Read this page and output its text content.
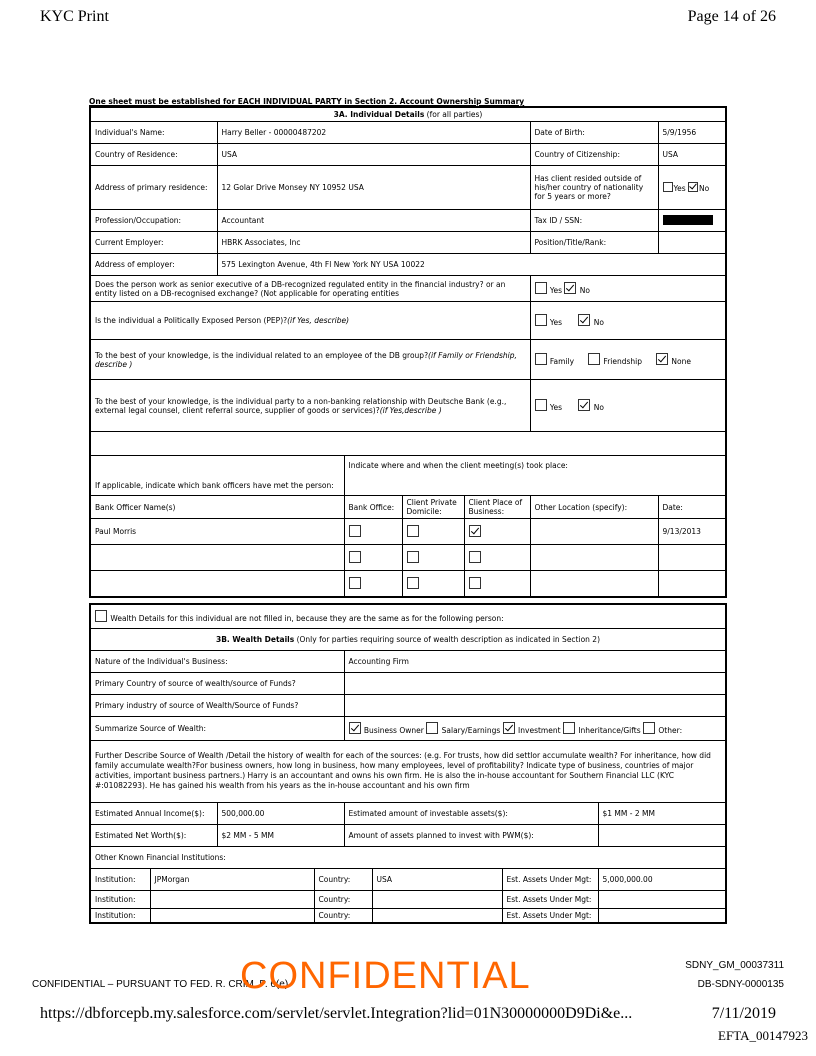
KYC Print	Page 14 of 26
One sheet must be established for EACH INDIVIDUAL PARTY in Section 2. Account Ownership Summary
3A. Individual Details (for all parties)						
Individual's Name:	Harry Beller - 00000487202				Date of Birth:	5/9/1956
Country of Residence:	USA				Country of Citizenship:	USA
Address of primary residence:	12 Golar Drive Monsey NY 10952 USA				Has client resided outside of his/her country of nationality for 5 years or more?	Yes No
Profession/Occupation:	Accountant				Tax ID / SSN:	
Current Employer:	HBRK Associates, Inc				Position/Title/Rank:	
Address of employer:	575 Lexington Avenue, 4th Fl New York NY USA 10022					
Does the person work as senior executive of a DB-recognized regulated entity in the financial industry? or an entity listed on a DB-recognised exchange? (Not applicable for operating entities					Yes No	
Is the individual a Politically Exposed Person (PEP)?(if Yes, describe)					Yes No	
To the best of your knowledge, is the individual related to an employee of the DB group?(if Family or Friendship, describe )					Family Friendship None	
To the best of your knowledge, is the individual party to a non-banking relationship with Deutsche Bank (e.g., external legal counsel, client referral source, supplier of goods or services)?(if Yes,describe )					Yes No	

If applicable, indicate which bank officers have met the person:		Indicate where and when the client meeting(s) took place:				
Bank Officer Name(s)		Bank Office:	Client Private Domicile:	Client Place of Business:	Other Location (specify):	Date:
Paul Morris						9/13/2013

Wealth Details for this individual are not filled in, because they are the same as for the following person:							
3B. Wealth Details (Only for parties requiring source of wealth description as indicated in Section 2)							
Nature of the Individual's Business:				Accounting Firm			
Primary Country of source of wealth/source of Funds?							
Primary industry of source of Wealth/Source of Funds?							
Summarize Source of Wealth:				Business Owner Salary/Earnings Investment Inheritance/Gifts Other:			
Further Describe Source of Wealth /Detail the history of wealth for each of the sources: (e.g. For trusts, how did settlor accumulate wealth? For inheritance, how did family accumulate wealth?For business owners, how long in business, how many employees, level of profitability? Indicate type of business, countries of major activities, important business partners.) Harry is an accountant and owns his own firm. He is also the in-house accountant for Southern Financial LLC (KYC #:01082293). He has gained his wealth from his years as the in-house accountant and his own firm							
Estimated Annual Income($):		500,000.00		Estimated amount of investable assets($):			$1 MM - 2 MM
Estimated Net Worth($):		$2 MM - 5 MM		Amount of assets planned to invest with PWM($):			
Other Known Financial Institutions:							
Institution:	JPMorgan		Country:		USA	Est. Assets Under Mgt:	5,000,000.00
Institution:			Country:			Est. Assets Under Mgt:	
Institution:			Country:			Est. Assets Under Mgt:	
SDNY_GM_00037311
CONFIDENTIAL – PURSUANT TO FED. R. CRIM. P. 6(e)
CONFIDENTIAL	DB-SDNY-0000135
https://dbforcepb.my.salesforce.com/servlet/servlet.Integration?lid=01N30000000D9Di&e...	7/11/2019
EFTA_00147923
